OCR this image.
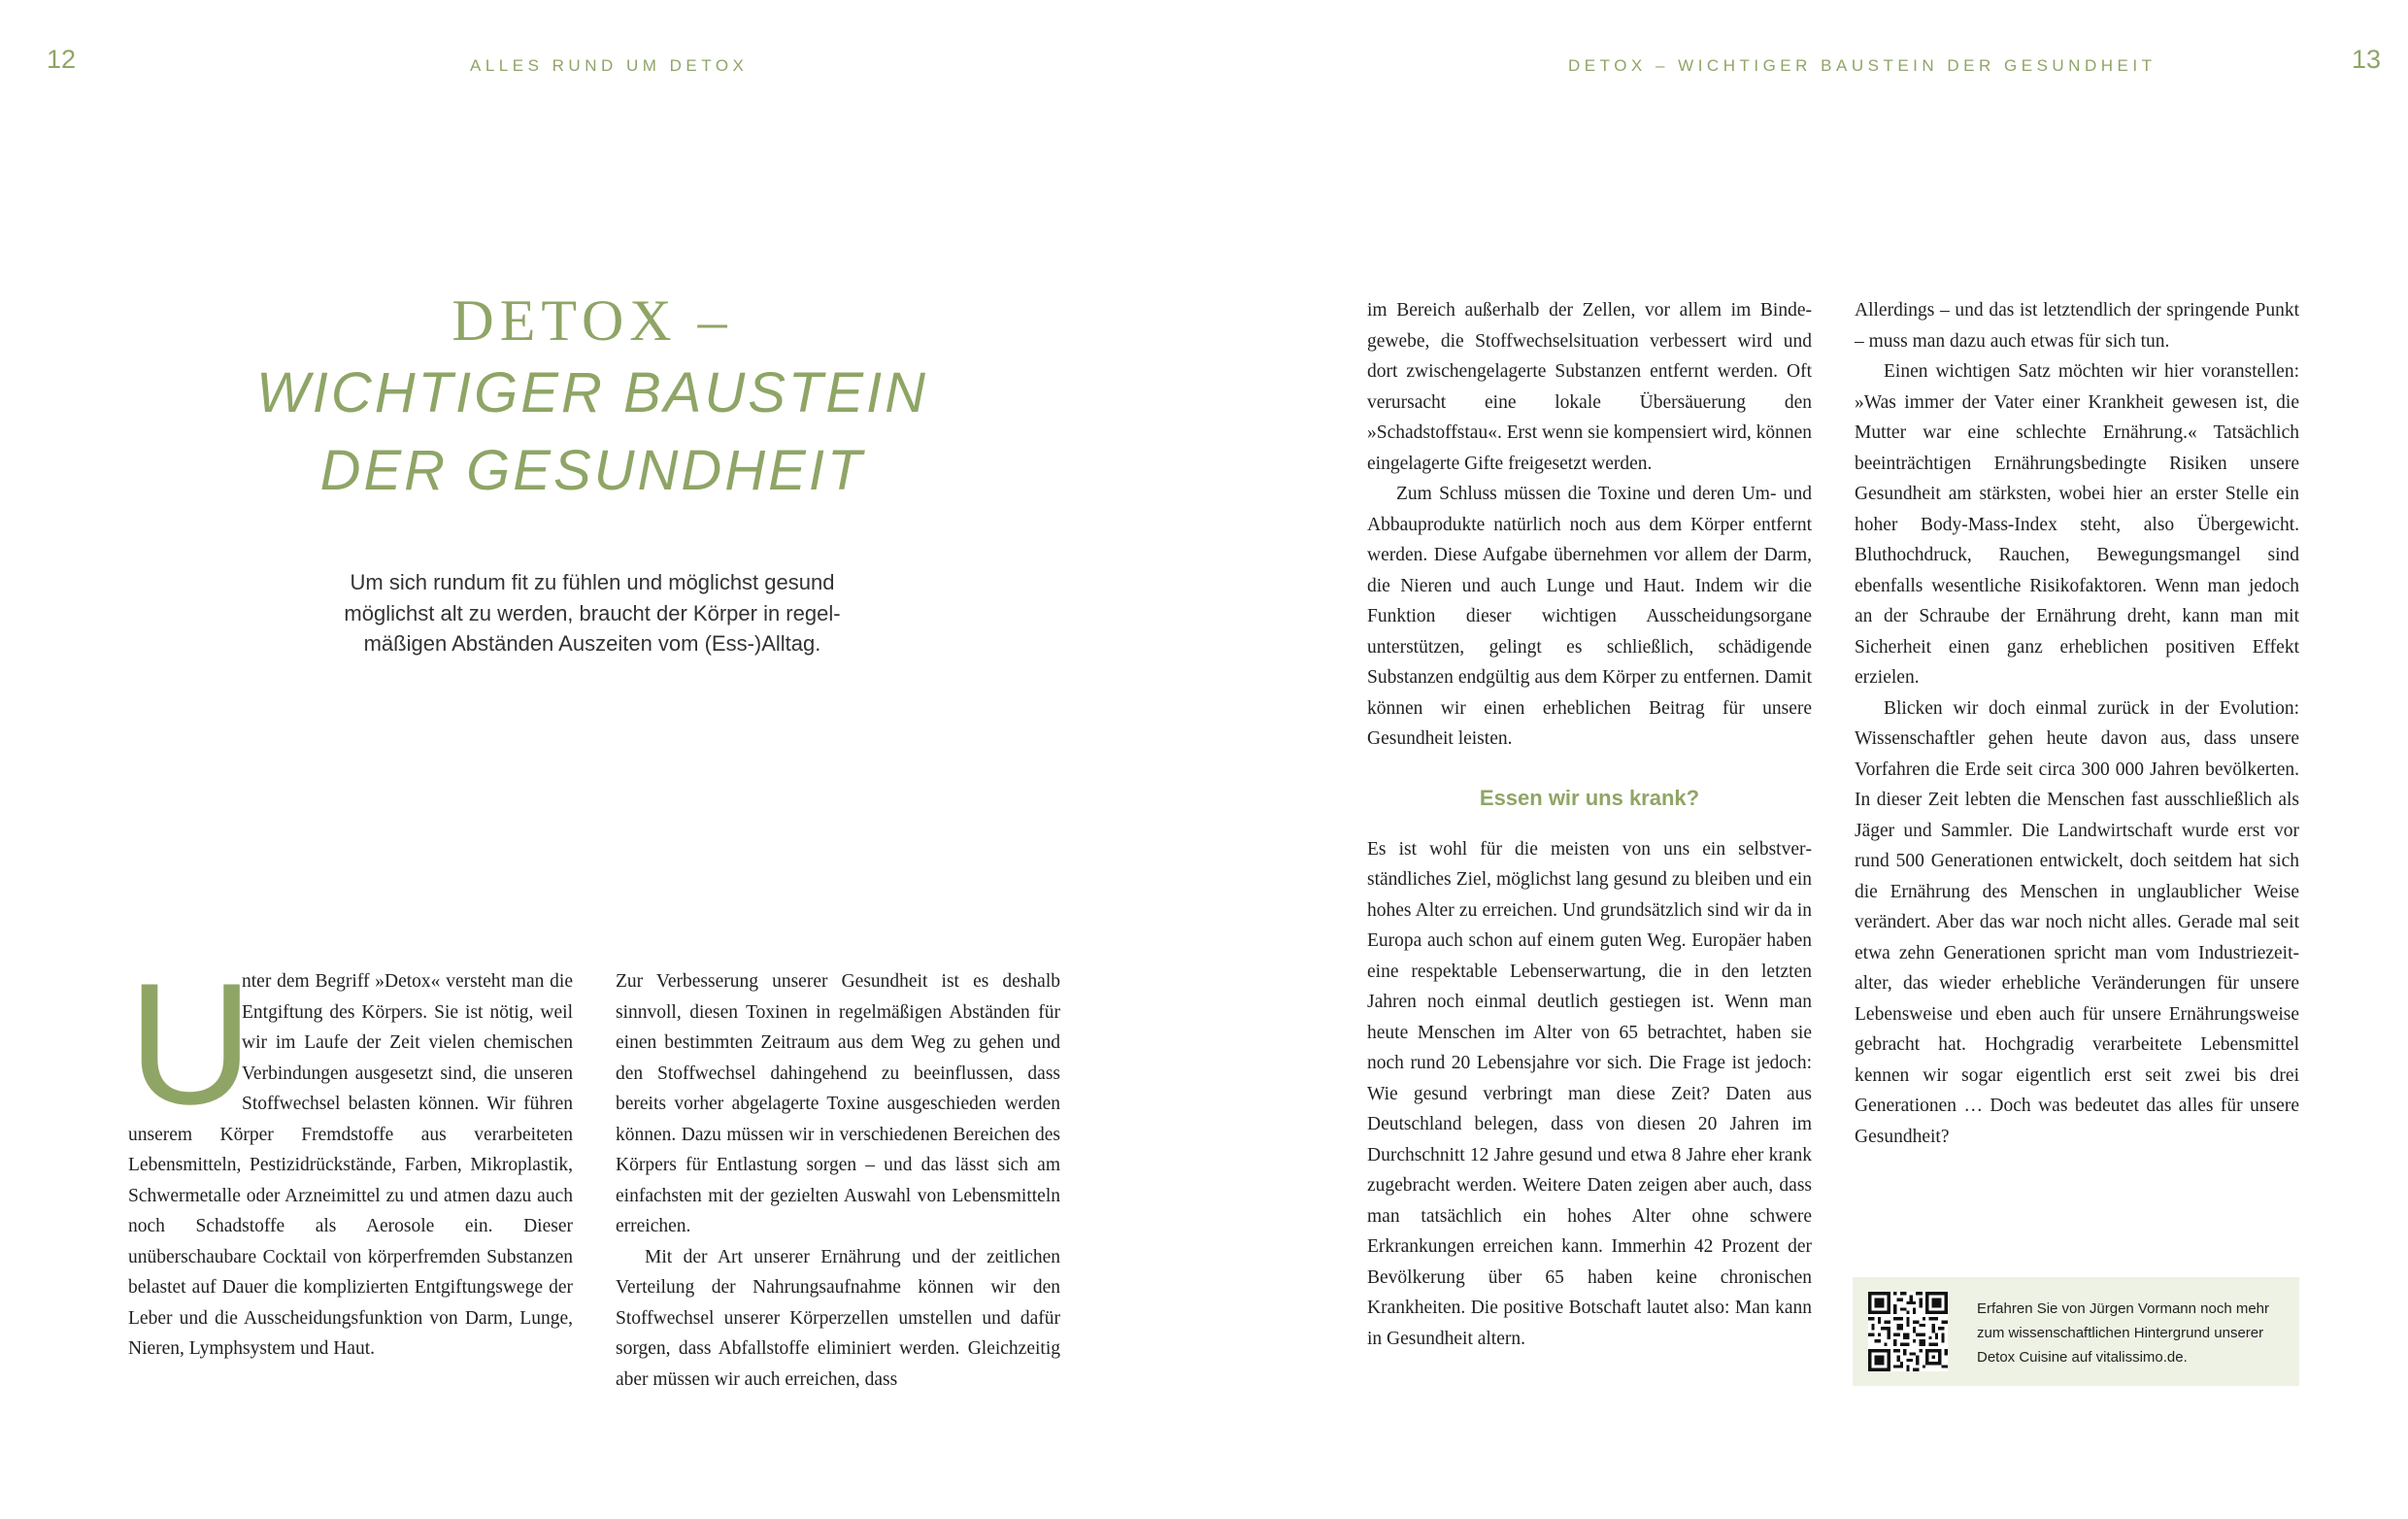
12	ALLES RUND UM DETOX	DETOX – WICHTIGER BAUSTEIN DER GESUNDHEIT	13
DETOX –
WICHTIGER BAUSTEIN
DER GESUNDHEIT
Um sich rundum fit zu fühlen und möglichst gesund möglichst alt zu werden, braucht der Körper in regelmäßigen Abständen Auszeiten vom (Ess-)Alltag.
U

nter dem Begriff »Detox« versteht man die Entgiftung des Körpers. Sie ist nötig, weil wir im Laufe der Zeit vielen chemischen Verbindungen ausgesetzt sind, die unseren Stoffwechsel belasten können. Wir führen unserem Körper Fremdstoffe aus verarbeiteten Lebensmitteln, Pestizidrückstände, Farben, Mikroplastik, Schwermetalle oder Arzneimittel zu und atmen dazu auch noch Schadstoffe als Aerosole ein. Dieser unüberschaubare Cocktail von körperfremden Substanzen belastet auf Dauer die komplizierten Entgiftungswege der Leber und die Ausscheidungsfunktion von Darm, Lunge, Nieren, Lymphsystem und Haut.

Zur Verbesserung unserer Gesundheit ist es deshalb sinnvoll, diesen Toxinen in regelmäßigen Abständen für einen bestimmten Zeitraum aus dem Weg zu gehen und den Stoffwechsel dahingehend zu beeinflussen, dass bereits vorher abgelagerte Toxine ausgeschieden werden können. Dazu müssen wir in verschiedenen Bereichen des Körpers für Entlastung sorgen – und das lässt sich am einfachsten mit der gezielten Auswahl von Lebensmitteln erreichen.

Mit der Art unserer Ernährung und der zeitlichen Verteilung der Nahrungsaufnahme können wir den Stoffwechsel unserer Körperzellen umstellen und dafür sorgen, dass Abfallstoffe eliminiert werden. Gleichzeitig aber müssen wir auch erreichen, dass

im Bereich außerhalb der Zellen, vor allem im Bindegewebe, die Stoffwechselsituation verbessert wird und dort zwischengelagerte Substanzen entfernt werden. Oft verursacht eine lokale Übersäuerung den »Schadstoffstau«. Erst wenn sie kompensiert wird, können eingelagerte Gifte freigesetzt werden.

Zum Schluss müssen die Toxine und deren Um- und Abbauprodukte natürlich noch aus dem Körper entfernt werden. Diese Aufgabe übernehmen vor allem der Darm, die Nieren und auch Lunge und Haut. Indem wir die Funktion dieser wichtigen Ausscheidungsorgane unterstützen, gelingt es schließlich, schädigende Substanzen endgültig aus dem Körper zu entfernen. Damit können wir einen erheblichen Beitrag für unsere Gesundheit leisten.

Essen wir uns krank?

Es ist wohl für die meisten von uns ein selbstverständliches Ziel, möglichst lang gesund zu bleiben und ein hohes Alter zu erreichen. Und grundsätzlich sind wir da in Europa auch schon auf einem guten Weg. Europäer haben eine respektable Lebenserwartung, die in den letzten Jahren noch einmal deutlich gestiegen ist. Wenn man heute Menschen im Alter von 65 betrachtet, haben sie noch rund 20 Lebensjahre vor sich. Die Frage ist jedoch: Wie gesund verbringt man diese Zeit? Daten aus Deutschland belegen, dass von diesen 20 Jahren im Durchschnitt 12 Jahre gesund und etwa 8 Jahre eher krank zugebracht werden. Weitere Daten zeigen aber auch, dass man tatsächlich ein hohes Alter ohne schwere Erkrankungen erreichen kann. Immerhin 42 Prozent der Bevölkerung über 65 haben keine chronischen Krankheiten. Die positive Botschaft lautet also: Man kann in Gesundheit altern.

Allerdings – und das ist letztendlich der springende Punkt – muss man dazu auch etwas für sich tun.

Einen wichtigen Satz möchten wir hier voranstellen: »Was immer der Vater einer Krankheit gewesen ist, die Mutter war eine schlechte Ernährung.« Tatsächlich beeinträchtigen Ernährungsbedingte Risiken unsere Gesundheit am stärksten, wobei hier an erster Stelle ein hoher Body-Mass-Index steht, also Übergewicht. Bluthochdruck, Rauchen, Bewegungsmangel sind ebenfalls wesentliche Risikofaktoren. Wenn man jedoch an der Schraube der Ernährung dreht, kann man mit Sicherheit einen ganz erheblichen positiven Effekt erzielen.

Blicken wir doch einmal zurück in der Evolution: Wissenschaftler gehen heute davon aus, dass unsere Vorfahren die Erde seit circa 300 000 Jahren bevölkerten. In dieser Zeit lebten die Menschen fast ausschließlich als Jäger und Sammler. Die Landwirtschaft wurde erst vor rund 500 Generationen entwickelt, doch seitdem hat sich die Ernährung des Menschen in unglaublicher Weise verändert. Aber das war noch nicht alles. Gerade mal seit etwa zehn Generationen spricht man vom Industriezeitalter, das wieder erhebliche Veränderungen für unsere Lebensweise und eben auch für unsere Ernährungsweise gebracht hat. Hochgradig verarbeitete Lebensmittel kennen wir sogar eigentlich erst seit zwei bis drei Generationen … Doch was bedeutet das alles für unsere Gesundheit?

Erfahren Sie von Jürgen Vormann noch mehr zum wissenschaftlichen Hintergrund unserer Detox Cuisine auf vitalissimo.de.
